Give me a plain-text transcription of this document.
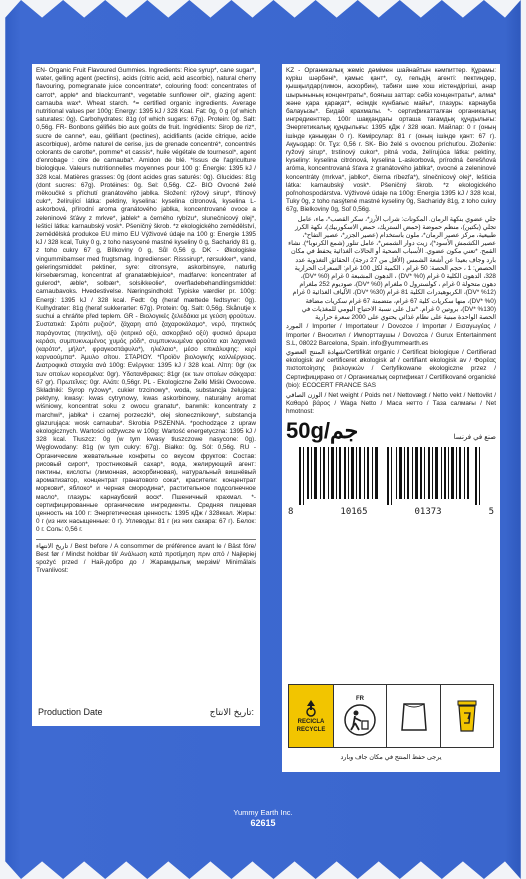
EN- Organic Fruit Flavoured Gummies. Ingredients: Rice syrup*, cane sugar*, water, gelling agent (pectins), acids (citric acid, acid ascorbic), natural cherry flavouring, pomegranate juice concentrate*, colouring food: concentrates of carrot*, apple* and blackcurrant*, vegetable sunflower oil*, glazing agent: carnauba wax*. Wheat starch. *= certified organic ingredients. Average nutritional values per 100g: Energy: 1395 kJ / 328 Kcal. Fat: 0g, 0 g (of which saturates: 0g). Carbohydrates: 81g (of which sugars: 67g). Protein: 0g. Salt: 0,56g. FR- Bonbons gélifiés bio aux goûts de fruit. Ingrédients: Sirop de riz*, sucre de canne*, eau, gélifiant (pectines), acidifiants (acide citrique, acide ascorbique), arôme naturel de cerise, jus de grenade concentré*, concentrés colorants de carotte*, pomme* et cassis*, huile végétale de tournesol*, agent d'enrobage : cire de carnauba*. Amidon de blé. *Issus de l'agriculture biologique. Valeurs nutritionnelles moyennes pour 100 g: Énergie: 1395 kJ / 328 kcal. Matières grasses: 0g (dont acides gras saturés: 0g). Glucides: 81g (dont sucres: 67g). Protéines: 0g. Sel: 0,56g. CZ- BIO Ovocné želé měkoučké s příchutí granátového jablka. Složení: rýžový sirup*, třtinový cukr*, želírující látka: pektiny, kyselina: kyselina citronová, kyselina L-askorbová, přírodní aroma granátového jablka, koncentrované ovoce a zeleninové šťávy z mrkve*, jablek* a černého rybízu*, slunečnicový olej*, lešticí látka: karnaubský vosk*. Pšeničný škrob. *z ekologického zemědělství, zemědělská produkce EU mimo EU Výživové údaje na 100 g: Energie 1395 kJ / 328 kcal, Tuky 0 g, z toho nasycené mastné kyseliny 0 g, Sacharidy 81 g, z toho cukry 67 g, Bílkoviny 0 g, Sůl 0,56 g. DK - Økologiske vingummibamser med frugtsmag. Ingredienser: Risssirup*, rørsukker*, vand, geleringsmiddel: pektiner, syre: citronsyre, askorbinsyre, naturlig kirsebærsmag, koncentrat af granatæblejuice*, madfarve: koncentrater af gulerod*, æble*, solbær*, solsikkeolie*, overfladebehandlingsmiddel: carnaubavoks. Hvedestivelse. Næringsindhold: Typiske værdier pr. 100g: Energi: 1395 kJ / 328 kcal. Fedt: 0g (heraf mættede fedtsyrer: 0g). Kulhydrater: 81g (heraf sukkerarter: 67g). Protein: 0g. Salt: 0,56g. Skånutje x suchui a chráňte před teplem. GR - Βιολογικές ζελεδάκια με γεύση φρούτων. Συστατικά: Σιρόπι ρυζιού*, ζάχαρη από ζαχαροκάλαμο*, νερό, πηκτικός παράγοντας (πηκτίνη), οξύ (κιτρικό οξύ, ασκορβικό οξύ) φυσικό άρωμα κεράσι, συμπυκνωμένος χυμός ρόδι*, συμπυκνωμένα φρούτα και λαχανικά (καρότο*, μήλο*, φραγκοστάφυλο*), ηλιέλαιο*, μέσο επικάλυψης: κερί καρναούμπα*. Άμυλο σίτου. ΣΤΑΡΙΟΥ. *Προϊόν βιολογικής καλλιέργειας. Διατροφικά στοιχεία ανά 100g: Ενέργεια: 1395 kJ / 328 kcal. Λίπη: 0gr (εκ των οποίων κορεσμένα: 0gr). Υδατανθρακες: 81gr (εκ των οποίων σάκχαρα: 67 gr). Πρωτεΐνες: 0gr. Αλάτι: 0,56gr. PL - Ekologiczne Żelki Miśki Owocowe. Składniki: Syrop ryżowy*, cukier trzcinowy*, woda, substancja żelująca: pektyny, kwasy: kwas cytrynowy, kwas askorbinowy, naturalny aromat wiśniowy, koncentrat soku z owocu granatu*, barwnik: koncentraty z marchwi*, jabłka* i czarnej porzeczki*, olej słonecznikowy*, substancja glazurująca: wosk carnauba*. Skrobia PSZENNA. *pochodzące z upraw ekologicznych. Wartości odżywcze w 100g: Wartość energetyczna: 1395 kJ / 328 kcal. Tłuszcz: 0g (w tym kwasy tłuszczowe nasycone: 0g). Węglowodany: 81g (w tym cukry: 67g). Białko: 0g. Sól: 0,56g. RU - Органические жевательные конфеты со вкусом фруктов: Состав: рисовый сироп*, тростниковый сахар*, вода, желирующий агент: пектины, кислоты (лимонная, аскорбиновая), натуральный вишнёвый ароматизатор, концентрат гранатового сока*, красители: концентрат моркови*, яблоко* и черная смородина*, растительное подсолнечное масло*, глазурь: карнаубский воск*. Пшеничный крахмал. *- сертифицированные органические ингредиенты. Средняя пищевая ценность на 100 г: Энергетическая ценность: 1395 кДж / 328ккал. Жиры: 0 г (из них насыщенные: 0 г). Углеводы: 81 г (из них сахара: 67 г). Белок: 0 г. Соль: 0,56 г.

تاريخ الانتهاء / Best before / A consommer de préférence avant le / Bäst före/ Best før / Mindst holdbar til/ Ανάλωση κατά προτίμηση πριν από / Najlepiej spożyć przed / Най-добро до / Жарамдылық мерзімі/ Minimālais Trvanlivost:

Production Date	تاريخ الانتاج:

KZ - Органикалық жеміс дәмімен шайнайтын кәмпиттер. Құрамы: күріш шәрбәні*, қамыс қант*, су, гельдің агенті: пектиндер, қышқылдар(лимон, аскорбин), табиғи шие хош иістендіргіші, анар шырынының концентраты*, бояғыш заттар: сәбіз концентраты*, алма* және қара қарақат*, өсімдік күнбағыс майы*, глазурь: карнауба балауызы*. Бидай крахмалы. *- сертификатталған органикалық ингредиенттер. 100г шаққандағы орташа тағамдық құндылығы: Энергетикалық құндылығы: 1395 кДж / 328 ккал. Майлар: 0 г (оның ішінде қаныққан 0 г). Көмірсулар: 81 г (оның ішінде қант: 67 г). Ақуыздар: 0г. Тұз: 0,56 г. SK- Bio želé s ovocnou príchuťou. Zloženie: ryžový sirup*, trstinový cukor*, pitná voda, želírujúca látka: pektíny, kyseliny: kyselina citrónová, kyselina L-askorbová, prírodná čerešňová aróma, koncentrovaná šťava z granátového jablka*, ovocné a zeleninové koncentráty (mrkva*, jablko*, čierna ríbezľa*), slnečnicový olej*, lešticia látka: karnaubský vosk*. Pšeničný škrob. *z ekologického poľnohospodárstva. Výživové údaje na 100g: Energia 1395 kJ / 328 kcal, Tuky 0g, z toho nasýtené mastné kyseliny 0g, Sacharidy 81g, z toho cukry 67g, Bielkoviny 0g, Soľ 0,56g.

جلي عضوي بنكهة الرمان. المكونات: شراب الأرز*، سكر القصب*، ماء، عامل تجلي (بكتين)، منظم حموضة (حمض الستريك، حمض الاسكوربيك)، نكهة الكرز طبيعية، مركز عصير الرمان*، ملون باستخدام (عصير الجزر*، عصير التفاح*، عصير الكشمش الأسود*)، زيت دوار الشمس*، عامل تنلور (شمع الكرنوبا*). نشاء القمح. *تعني مكون عضوي. الأسباب الصحية أو الحالات الغذائية يحفظ في مكان بارد وجاف بعيدا عن أشعة الشمس (الأقل من 27 درجة). الحقائق التغذوية عدد الحصص: 1 ، حجم الحصة: 50 غرام ، الكمية لكل 100 غرام: السعرات الحرارية 328، الدهون الكلية 0 غرام (0% *DV) ، الدهون المشبعة 0 غرام (0% *DV)، دهون متحولة 0 غرام ، كولسترول 0 ملغرام (0% *DV)، صوديوم 252 ملغرام (12% *DV)، الكربوهيدرات الكلية 81 غرام (30% *DV)، الألياف الغذائية 0 غرام (0% *DV)، منها سكريات كلية 67 غرام، متضمنة 67 غرام سكريات مضافة (130% *DV)، بروتين 0 غرام. *تدل على نسبة الاحتياج اليومي للمغذيات في الحصة الواحدة مبنية على نظام غذائي يحتوي على 2000 سعرة حرارية

المورد / Importer / Importateur / Dovozce / Importør / Εισαγωγέας / Importer / Вносител / Импорттаушы / Dovozca / Gurux Entertainment S.L, 08022 Barcelona, Spain. info@yummearth.es

شهادة المنتج العضوي/Certifikát organic / Certificat biologique / Certifierad ekologisk av/ certificeret økologisk af / certifiant ekologisk av / Φορέας πιστοποίησης βιολογικών / Certyfikowane ekologiczne przez / Сертифицирано от / Органикалық сертификат / Certifikované organické (bio): ECOCERT FRANCE SAS

الوزن الصافي / Net weight / Poids net / Nettovægt / Netto vekt / Nettovikt / Καθαρό βάρος / Waga Netto / Маса нетто / Таза салмағы / Net hmotnost:
50g/ﺟﻢ	صنع في فرنسا
8	10165	01373	5
RECICLA RECYCLE
FR
يرجى حفظ المنتج في مكان جاف وبارد
Yummy Earth Inc.
62615
